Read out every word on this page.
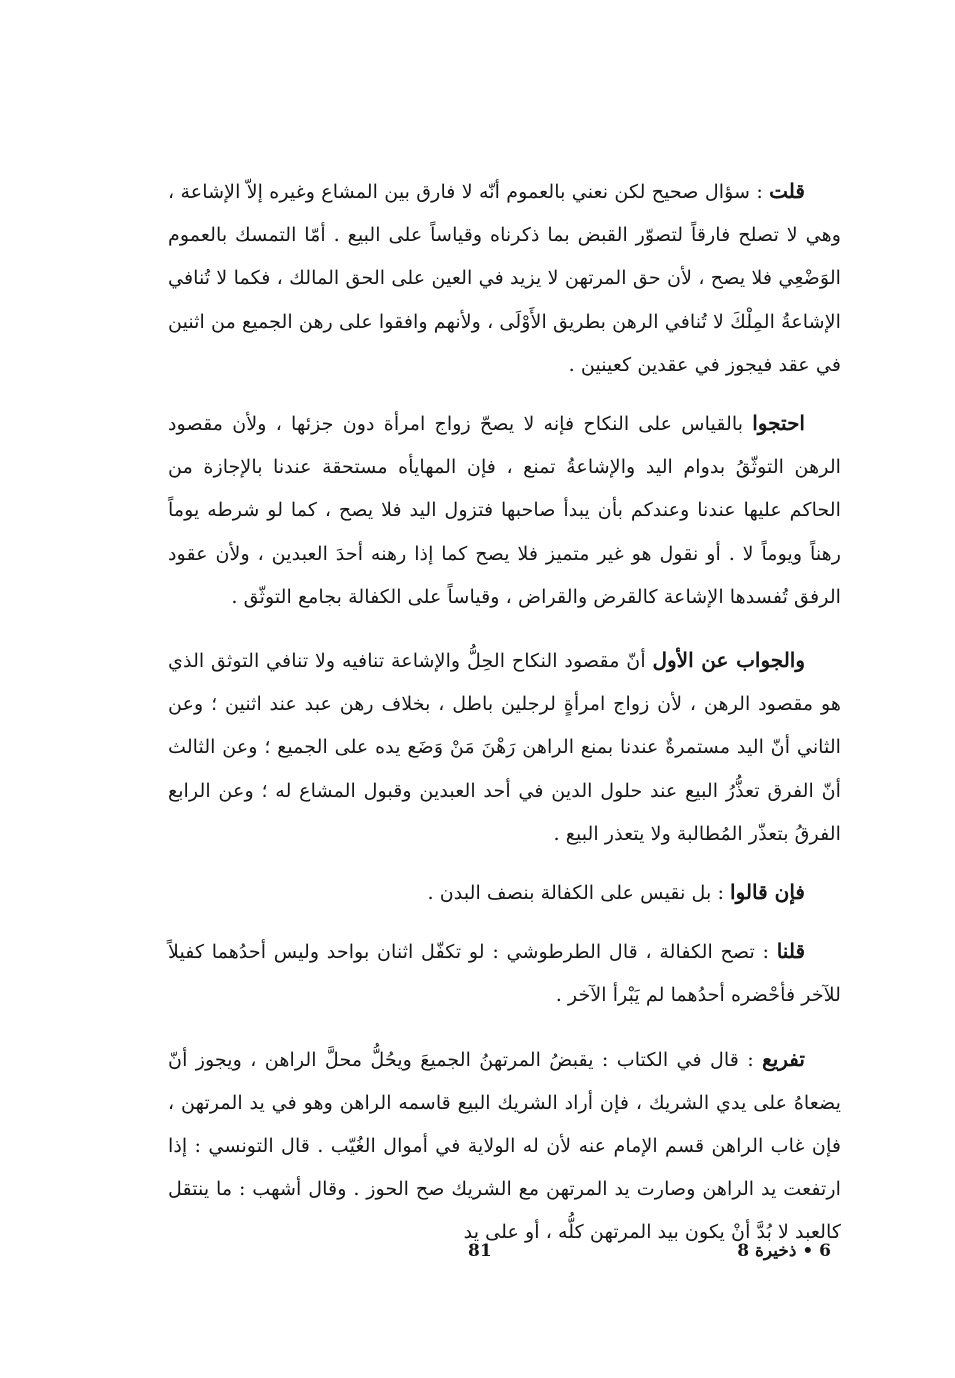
قلت : سؤال صحيح لكن نعني بالعموم أنّه لا فارق بين المشاع وغيره إلاّ الإشاعة ، وهي لا تصلح فارقاً لتصوّر القبض بما ذكرناه وقياساً على البيع . أمّا التمسك بالعموم الوَضْعِي فلا يصح ، لأن حق المرتهن لا يزيد في العين على الحق المالك ، فكما لا تُنافي الإشاعةُ المِلْكَ لا تُنافي الرهن بطريق الأَوْلَى ، ولأنهم وافقوا على رهن الجميع من اثنين في عقد فيجوز في عقدين كعينين .

احتجوا بالقياس على النكاح فإنه لا يصحّ زواج امرأة دون جزئها ، ولأن مقصود الرهن التوثّقُ بدوام اليد والإشاعةُ تمنع ، فإن المهايأه مستحقة عندنا بالإجازة من الحاكم عليها عندنا وعندكم بأن يبدأ صاحبها فتزول اليد فلا يصح ، كما لو شرطه يوماً رهناً ويوماً لا . أو نقول هو غير متميز فلا يصح كما إذا رهنه أحدَ العبدين ، ولأن عقود الرفق تُفسدها الإشاعة كالقرض والقراض ، وقياساً على الكفالة بجامع التوثّق .

والجواب عن الأول أنّ مقصود النكاح الحِلُّ والإشاعة تنافيه ولا تنافي التوثق الذي هو مقصود الرهن ، لأن زواج امرأةٍ لرجلين باطل ، بخلاف رهن عبد عند اثنين ؛ وعن الثاني أنّ اليد مستمرةٌ عندنا بمنع الراهن رَهْنَ مَنْ وَضَع يده على الجميع ؛ وعن الثالث أنّ الفرق تعذُّرُ البيع عند حلول الدين في أحد العبدين وقبول المشاع له ؛ وعن الرابع الفرقُ بتعذّر المُطالبة ولا يتعذر البيع .

فإن قالوا : بل نقيس على الكفالة بنصف البدن .

قلنا : تصح الكفالة ، قال الطرطوشي : لو تكفّل اثنان بواحد وليس أحدُهما كفيلاً للآخر فأحْضره أحدُهما لم يَبْرأ الآخر .

تفريع : قال في الكتاب : يقبضُ المرتهنُ الجميعَ ويحُلُّ محلَّ الراهن ، ويجوز أنّ يضعاهُ على يدي الشريك ، فإن أراد الشريك البيع قاسمه الراهن وهو في يد المرتهن ، فإن غاب الراهن قسم الإمام عنه لأن له الولاية في أموال الغُيّب . قال التونسي : إذا ارتفعت يد الراهن وصارت يد المرتهن مع الشريك صح الحوز . وقال أشهب : ما ينتقل كالعبد لا بُدَّ أنْ يكون بيد المرتهن كلُّه ، أو على يد

6 • ذخيرة 8
81
